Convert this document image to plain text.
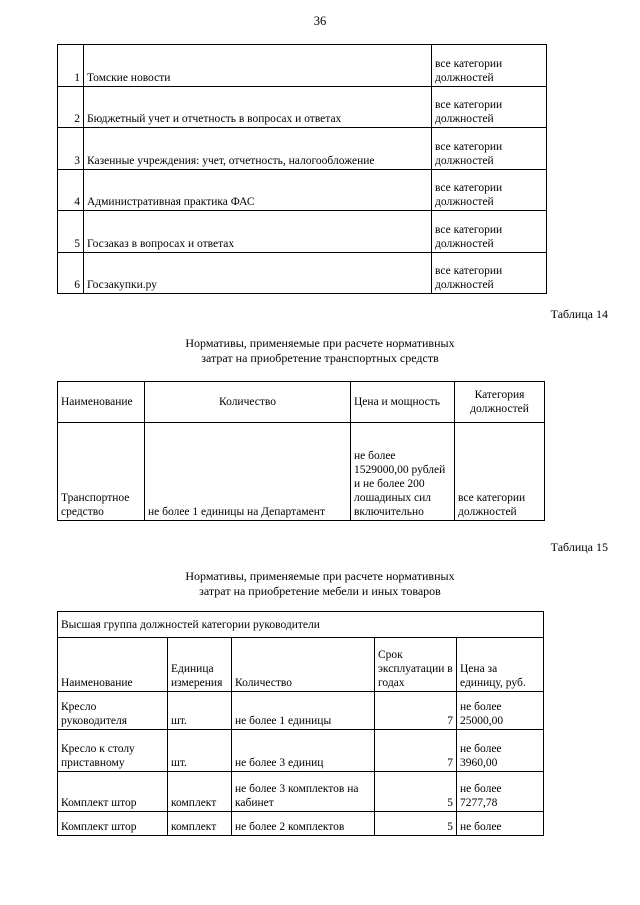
36
1	Томские новости	все категории должностей
2	Бюджетный учет и отчетность в вопросах и ответах	все категории должностей
3	Казенные учреждения: учет, отчетность, налогообложение	все категории должностей
4	Административная практика ФАС	все категории должностей
5	Госзаказ в вопросах и ответах	все категории должностей
6	Госзакупки.ру	все категории должностей
Таблица 14
Нормативы, применяемые при расчете нормативных
затрат на приобретение транспортных средств
Наименование	Количество	Цена и мощность	Категория должностей
Транспортное средство	не более 1 единицы на Департамент	не более 1529000,00 рублей и не более 200 лошадиных сил включительно	все категории должностей
Таблица 15
Нормативы, применяемые при расчете нормативных
затрат на приобретение мебели и иных товаров
Высшая группа должностей категории руководители				
Наименование	Единица измерения	Количество	Срок эксплуатации в годах	Цена за единицу, руб.
Кресло руководителя	шт.	не более 1 единицы	7	не более 25000,00
Кресло к столу приставному	шт.	не более 3 единиц	7	не более 3960,00
Комплект штор	комплект	не более 3 комплектов на кабинет	5	не более 7277,78
Комплект штор	комплект	не более 2 комплектов	5	не более
